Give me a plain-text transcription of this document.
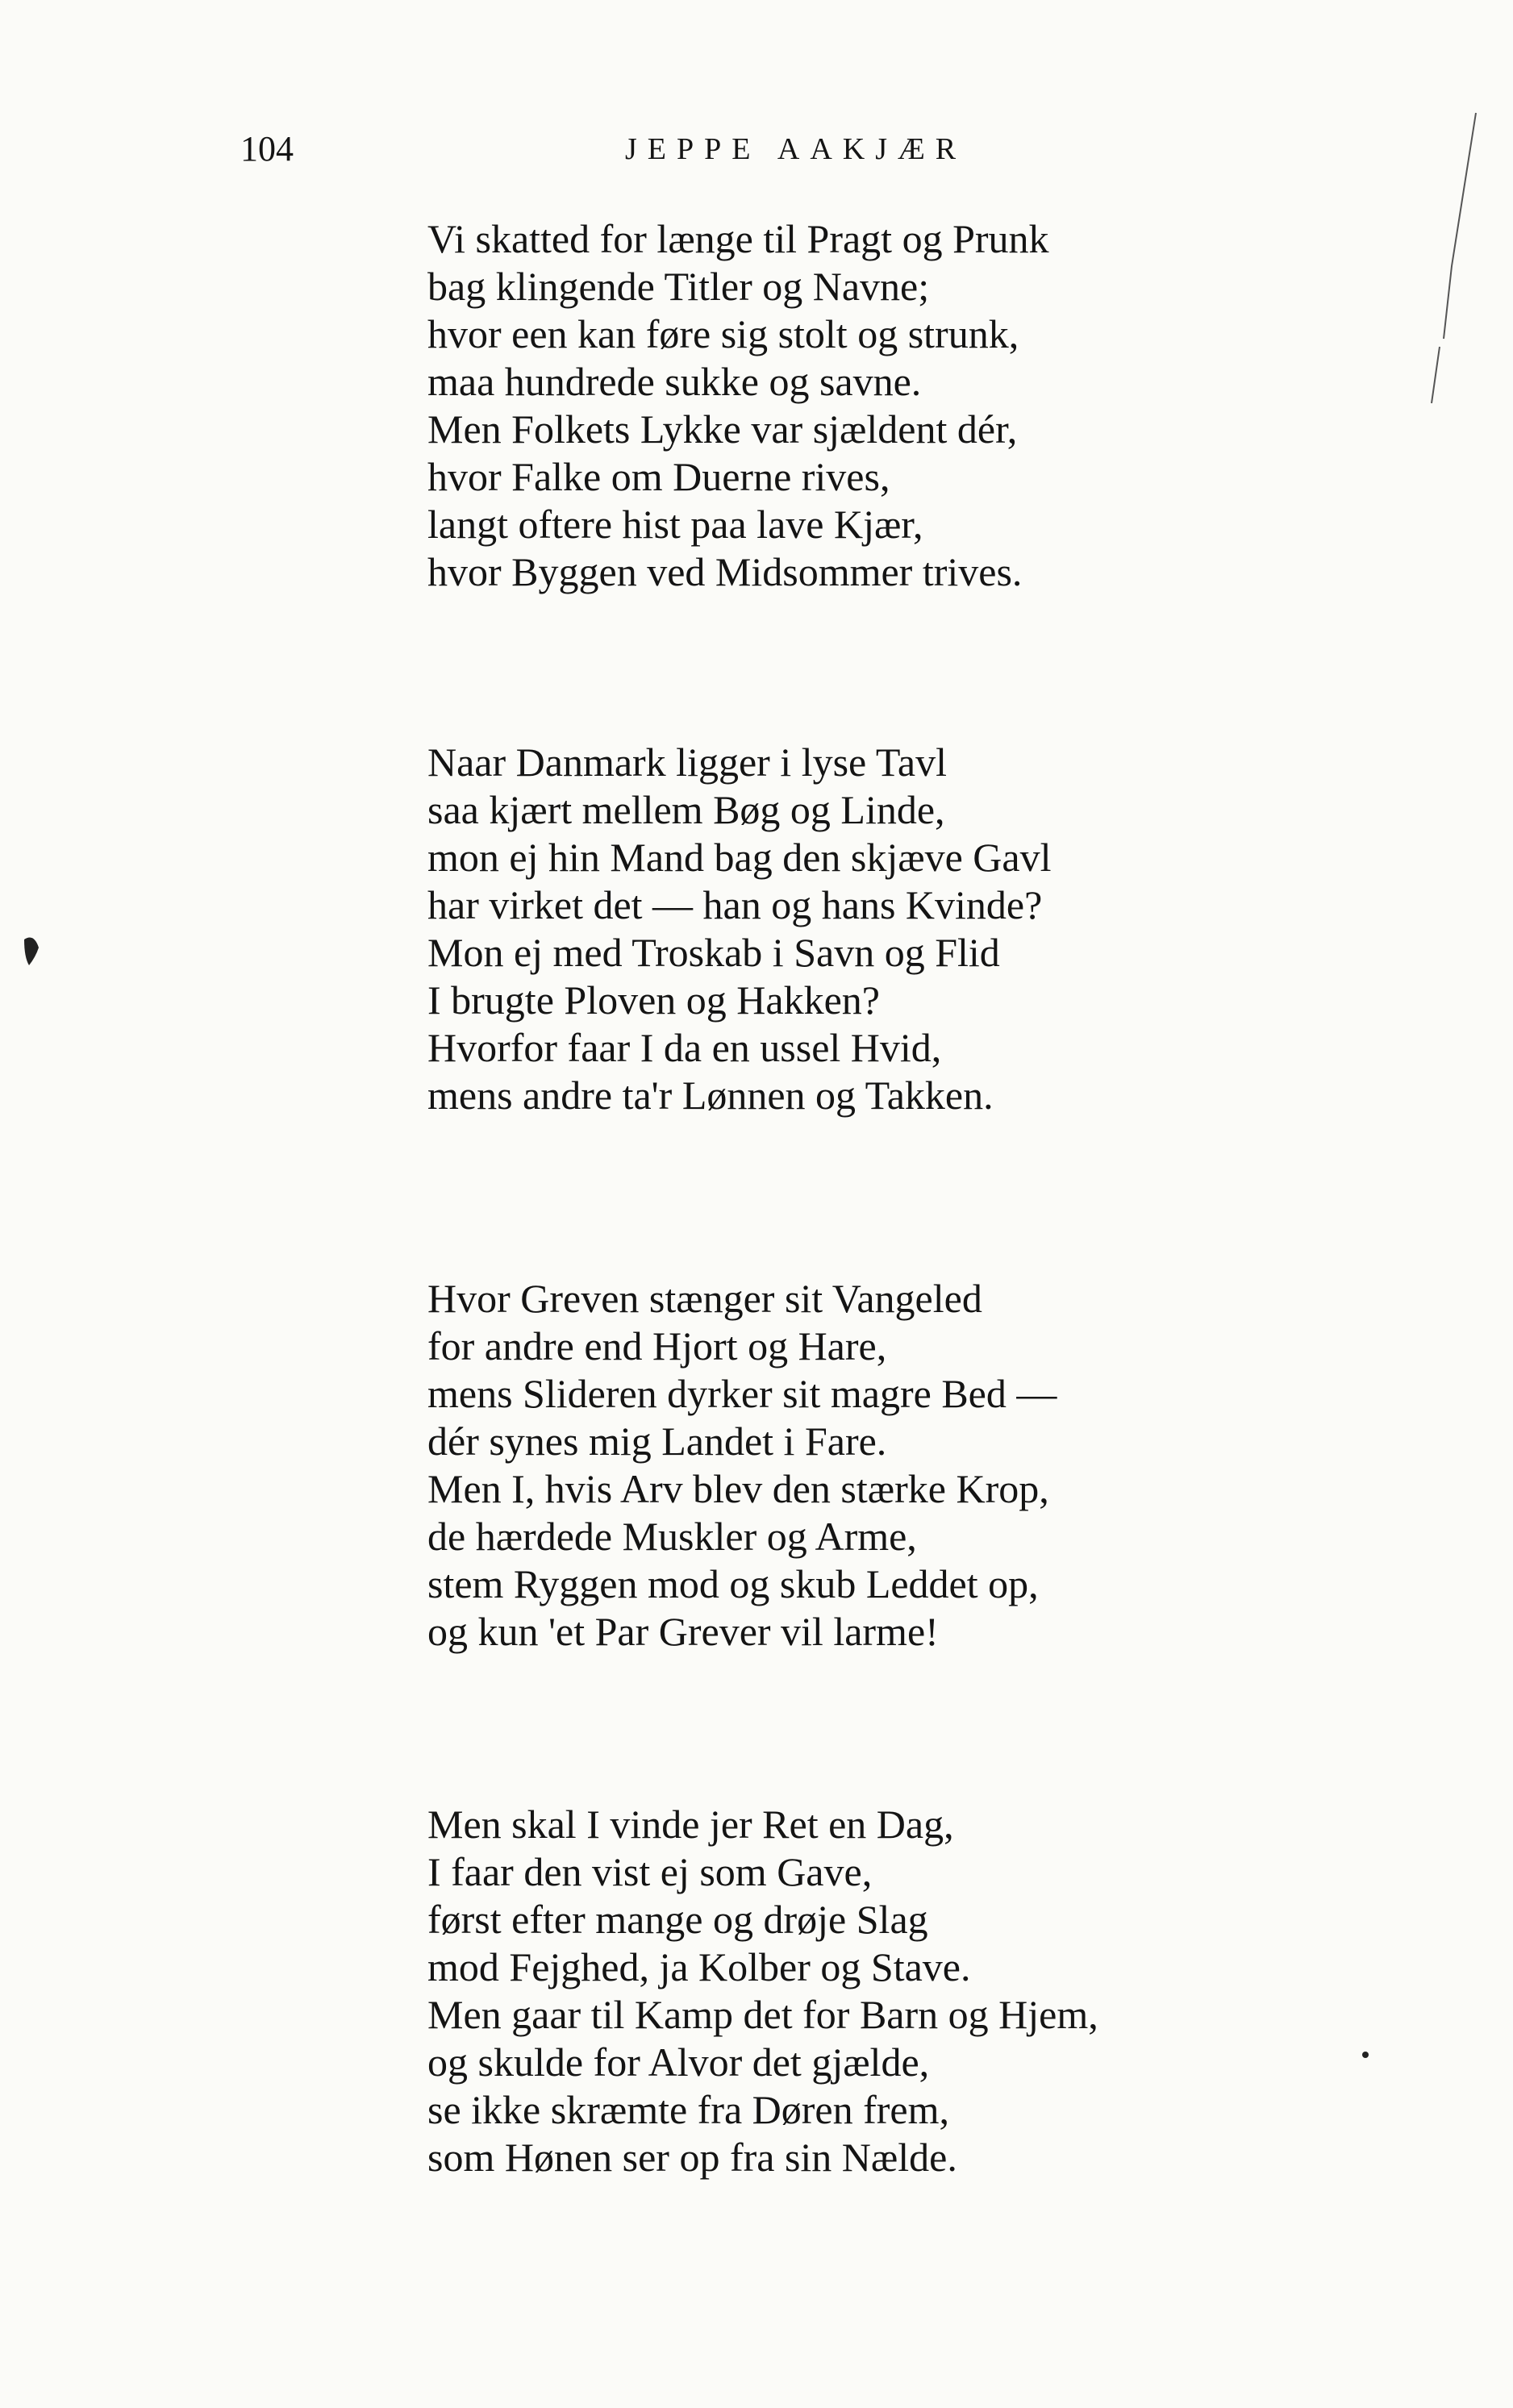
104	JEPPE AAKJÆR
Vi skatted for længe til Pragt og Prunk
bag klingende Titler og Navne;
hvor een kan føre sig stolt og strunk,
maa hundrede sukke og savne.
Men Folkets Lykke var sjældent dér,
hvor Falke om Duerne rives,
langt oftere hist paa lave Kjær,
hvor Byggen ved Midsommer trives.
Naar Danmark ligger i lyse Tavl
saa kjært mellem Bøg og Linde,
mon ej hin Mand bag den skjæve Gavl
har virket det — han og hans Kvinde?
Mon ej med Troskab i Savn og Flid
I brugte Ploven og Hakken?
Hvorfor faar I da en ussel Hvid,
mens andre ta'r Lønnen og Takken.
Hvor Greven stænger sit Vangeled
for andre end Hjort og Hare,
mens Slideren dyrker sit magre Bed —
dér synes mig Landet i Fare.
Men I, hvis Arv blev den stærke Krop,
de hærdede Muskler og Arme,
stem Ryggen mod og skub Leddet op,
og kun 'et Par Grever vil larme!
Men skal I vinde jer Ret en Dag,
I faar den vist ej som Gave,
først efter mange og drøje Slag
mod Fejghed, ja Kolber og Stave.
Men gaar til Kamp det for Barn og Hjem,
og skulde for Alvor det gjælde,
se ikke skræmte fra Døren frem,
som Hønen ser op fra sin Nælde.
